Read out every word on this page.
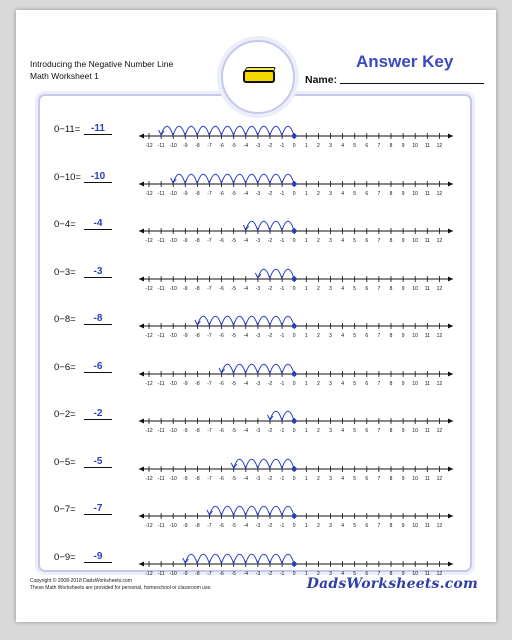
Introducing the Negative Number Line
Math Worksheet 1
Answer Key
Name:
0−11=	-11
-12 -11 -10 -9 -8 -7 -6 -5 -4 -3 -2 -1 0 1 2 3 4 5 6 7 8 9 10 11 12
0−10= -10
-12 -11 -10 -9 -8 -7 -6 -5 -4 -3 -2 -1 0 1 2 3 4 5 6 7 8 9 10 11 12
0−4=	-4
-12 -11 -10 -9 -8 -7 -6 -5 -4 -3 -2 -1 0 1 2 3 4 5 6 7 8 9 10 11 12
0−3=	-3
-12 -11 -10 -9 -8 -7 -6 -5 -4 -3 -2 -1 0 1 2 3 4 5 6 7 8 9 10 11 12
0−8=	-8
-12 -11 -10 -9 -8 -7 -6 -5 -4 -3 -2 -1 0 1 2 3 4 5 6 7 8 9 10 11 12
0−6=	-6
-12 -11 -10 -9 -8 -7 -6 -5 -4 -3 -2 -1 0 1 2 3 4 5 6 7 8 9 10 11 12
0−2=	-2
-12 -11 -10 -9 -8 -7 -6 -5 -4 -3 -2 -1 0 1 2 3 4 5 6 7 8 9 10 11 12
0−5=	-5
-12 -11 -10 -9 -8 -7 -6 -5 -4 -3 -2 -1 0 1 2 3 4 5 6 7 8 9 10 11 12
0−7=	-7
-12 -11 -10 -9 -8 -7 -6 -5 -4 -3 -2 -1 0 1 2 3 4 5 6 7 8 9 10 11 12
0−9=	-9
-12 -11 -10 -9 -8 -7 -6 -5 -4 -3 -2 -1 0 1 2 3 4 5 6 7 8 9 10 11 12
Copyright © 2008-2018 DadsWorksheets.com
These Math Worksheets are provided for personal, homeschool or classroom use.	DadsWorksheets.com
